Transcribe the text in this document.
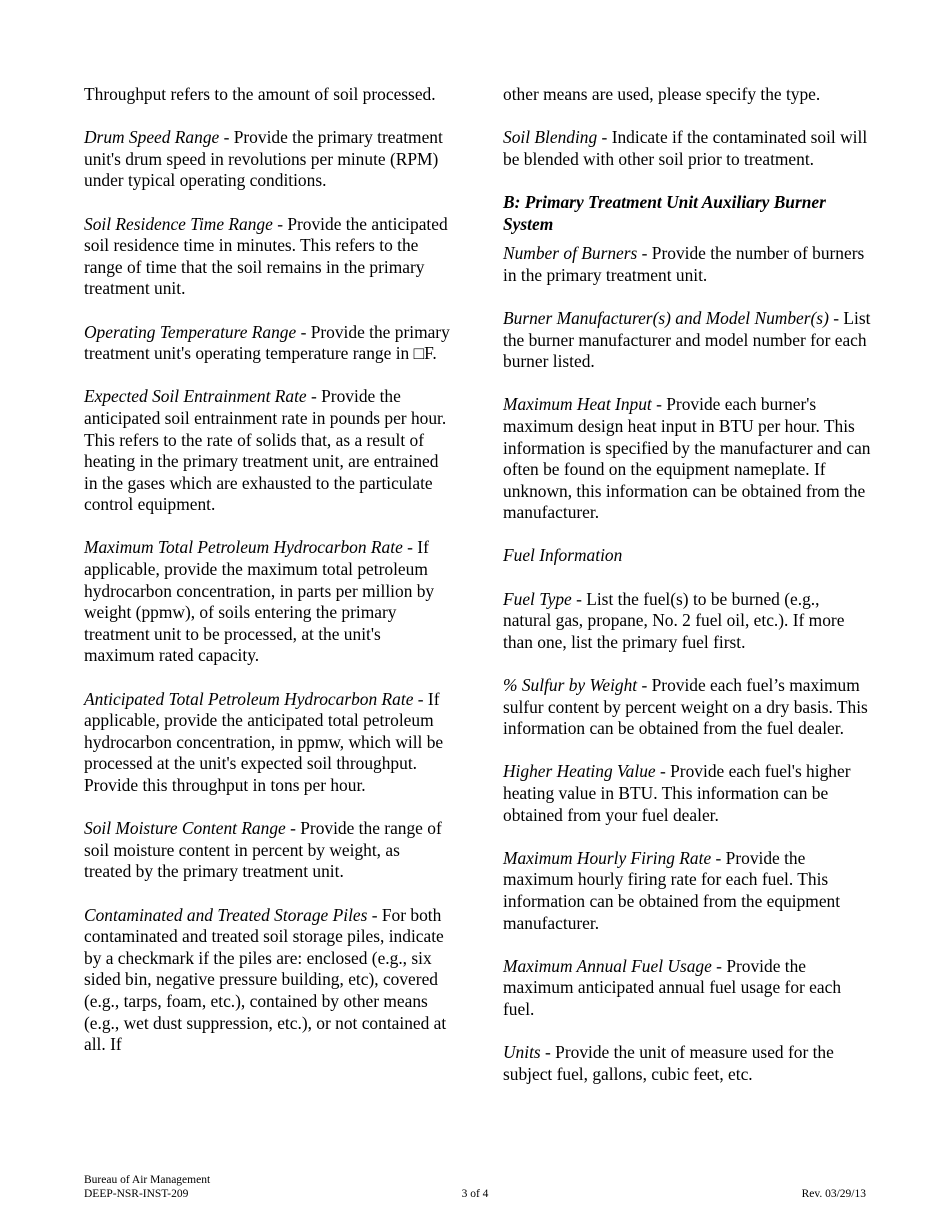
Throughput refers to the amount of soil processed.

Drum Speed Range - Provide the primary treatment unit's drum speed in revolutions per minute (RPM) under typical operating conditions.

Soil Residence Time Range - Provide the anticipated soil residence time in minutes. This refers to the range of time that the soil remains in the primary treatment unit.

Operating Temperature Range - Provide the primary treatment unit's operating temperature range in □F.

Expected Soil Entrainment Rate - Provide the anticipated soil entrainment rate in pounds per hour. This refers to the rate of solids that, as a result of heating in the primary treatment unit, are entrained in the gases which are exhausted to the particulate control equipment.

Maximum Total Petroleum Hydrocarbon Rate - If applicable, provide the maximum total petroleum hydrocarbon concentration, in parts per million by weight (ppmw), of soils entering the primary treatment unit to be processed, at the unit's maximum rated capacity.

Anticipated Total Petroleum Hydrocarbon Rate - If applicable, provide the anticipated total petroleum hydrocarbon concentration, in ppmw, which will be processed at the unit's expected soil throughput. Provide this throughput in tons per hour.

Soil Moisture Content Range - Provide the range of soil moisture content in percent by weight, as treated by the primary treatment unit.

Contaminated and Treated Storage Piles - For both contaminated and treated soil storage piles, indicate by a checkmark if the piles are: enclosed (e.g., six sided bin, negative pressure building, etc), covered (e.g., tarps, foam, etc.), contained by other means (e.g., wet dust suppression, etc.), or not contained at all. If

other means are used, please specify the type.

Soil Blending - Indicate if the contaminated soil will be blended with other soil prior to treatment.

B: Primary Treatment Unit Auxiliary Burner System

Number of Burners - Provide the number of burners in the primary treatment unit.

Burner Manufacturer(s) and Model Number(s) - List the burner manufacturer and model number for each burner listed.

Maximum Heat Input - Provide each burner's maximum design heat input in BTU per hour. This information is specified by the manufacturer and can often be found on the equipment nameplate. If unknown, this information can be obtained from the manufacturer.

Fuel Information

Fuel Type - List the fuel(s) to be burned (e.g., natural gas, propane, No. 2 fuel oil, etc.). If more than one, list the primary fuel first.

% Sulfur by Weight - Provide each fuel’s maximum sulfur content by percent weight on a dry basis. This information can be obtained from the fuel dealer.

Higher Heating Value - Provide each fuel's higher heating value in BTU. This information can be obtained from your fuel dealer.

Maximum Hourly Firing Rate - Provide the maximum hourly firing rate for each fuel. This information can be obtained from the equipment manufacturer.

Maximum Annual Fuel Usage - Provide the maximum anticipated annual fuel usage for each fuel.

Units - Provide the unit of measure used for the subject fuel, gallons, cubic feet, etc.

Bureau of Air Management
DEEP-NSR-INST-209	3 of 4	Rev. 03/29/13
